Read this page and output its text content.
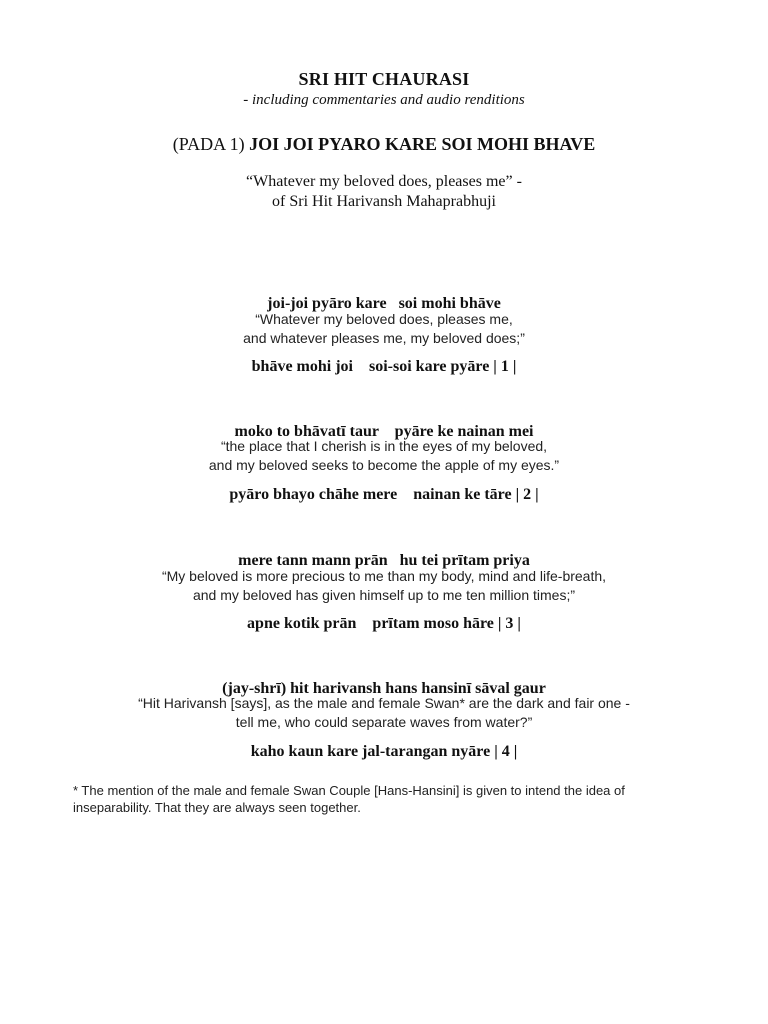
SRI HIT CHAURASI
- including commentaries and audio renditions
(PADA 1) JOI JOI PYARO KARE SOI MOHI BHAVE
“Whatever my beloved does, pleases me” -
of Sri Hit Harivansh Mahaprabhuji

joi-joi pyāro kare   soi mohi bhāve

bhāve mohi joi    soi-soi kare pyāre | 1 |

“Whatever my beloved does, pleases me,
and whatever pleases me, my beloved does;”

moko to bhāvatī taur    pyāre ke nainan mei

pyāro bhayo chāhe mere    nainan ke tāre | 2 |

“the place that I cherish is in the eyes of my beloved,
and my beloved seeks to become the apple of my eyes.”

mere tann mann prān   hu tei prītam priya

apne kotik prān    prītam moso hāre | 3 |

“My beloved is more precious to me than my body, mind and life-breath,
and my beloved has given himself up to me ten million times;”

(jay-shrī) hit harivansh hans hansinī sāval gaur

kaho kaun kare jal-tarangan nyāre | 4 |

“Hit Harivansh [says], as the male and female Swan* are the dark and fair one -
tell me, who could separate waves from water?”
* The mention of the male and female Swan Couple [Hans-Hansini] is given to intend the idea of
inseparability. That they are always seen together.
